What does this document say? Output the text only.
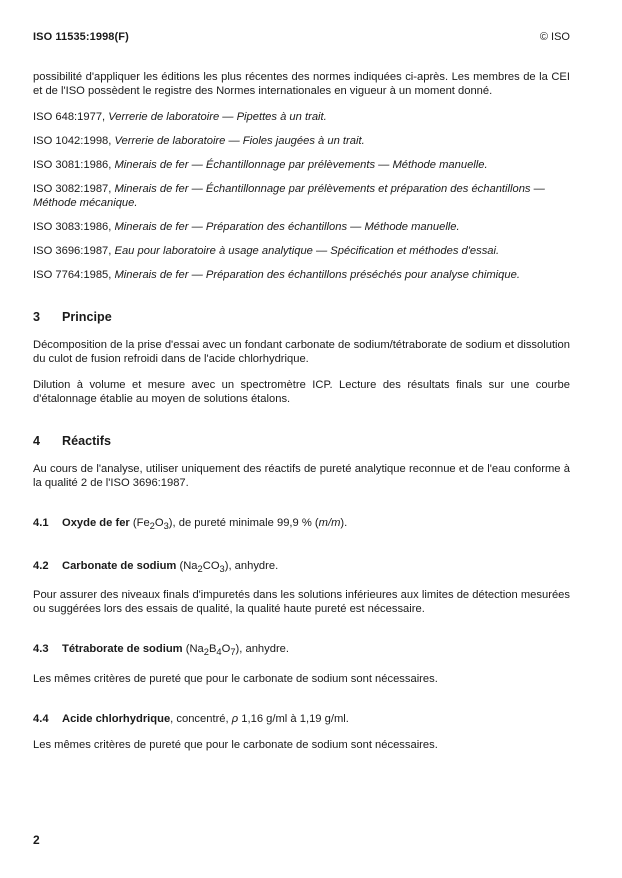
ISO 11535:1998(F)	© ISO

possibilité d'appliquer les éditions les plus récentes des normes indiquées ci-après. Les membres de la CEI et de l'ISO possèdent le registre des Normes internationales en vigueur à un moment donné.

ISO 648:1977, Verrerie de laboratoire — Pipettes à un trait.

ISO 1042:1998, Verrerie de laboratoire — Fioles jaugées à un trait.

ISO 3081:1986, Minerais de fer — Échantillonnage par prélèvements — Méthode manuelle.

ISO 3082:1987, Minerais de fer — Échantillonnage par prélèvements et préparation des échantillons — Méthode mécanique.

ISO 3083:1986, Minerais de fer — Préparation des échantillons — Méthode manuelle.

ISO 3696:1987, Eau pour laboratoire à usage analytique — Spécification et méthodes d'essai.

ISO 7764:1985, Minerais de fer — Préparation des échantillons préséchés pour analyse chimique.

3 Principe

Décomposition de la prise d'essai avec un fondant carbonate de sodium/tétraborate de sodium et dissolution du culot de fusion refroidi dans de l'acide chlorhydrique.

Dilution à volume et mesure avec un spectromètre ICP. Lecture des résultats finals sur une courbe d'étalonnage établie au moyen de solutions étalons.

4 Réactifs

Au cours de l'analyse, utiliser uniquement des réactifs de pureté analytique reconnue et de l'eau conforme à la qualité 2 de l'ISO 3696:1987.

4.1 Oxyde de fer $(Fe_2O_3)$, de pureté minimale 99,9 % (m/m).
4.2 Carbonate de sodium $(Na_2CO_3)$, anhydre.

Pour assurer des niveaux finals d'impuretés dans les solutions inférieures aux limites de détection mesurées ou suggérées lors des essais de qualité, la qualité haute pureté est nécessaire.

4.3 Tétraborate de sodium $(Na_2B_4O_7)$, anhydre.

Les mêmes critères de pureté que pour le carbonate de sodium sont nécessaires.

4.4 Acide chlorhydrique, concentré, ρ 1,16 g/ml à 1,19 g/ml.

Les mêmes critères de pureté que pour le carbonate de sodium sont nécessaires.

2
